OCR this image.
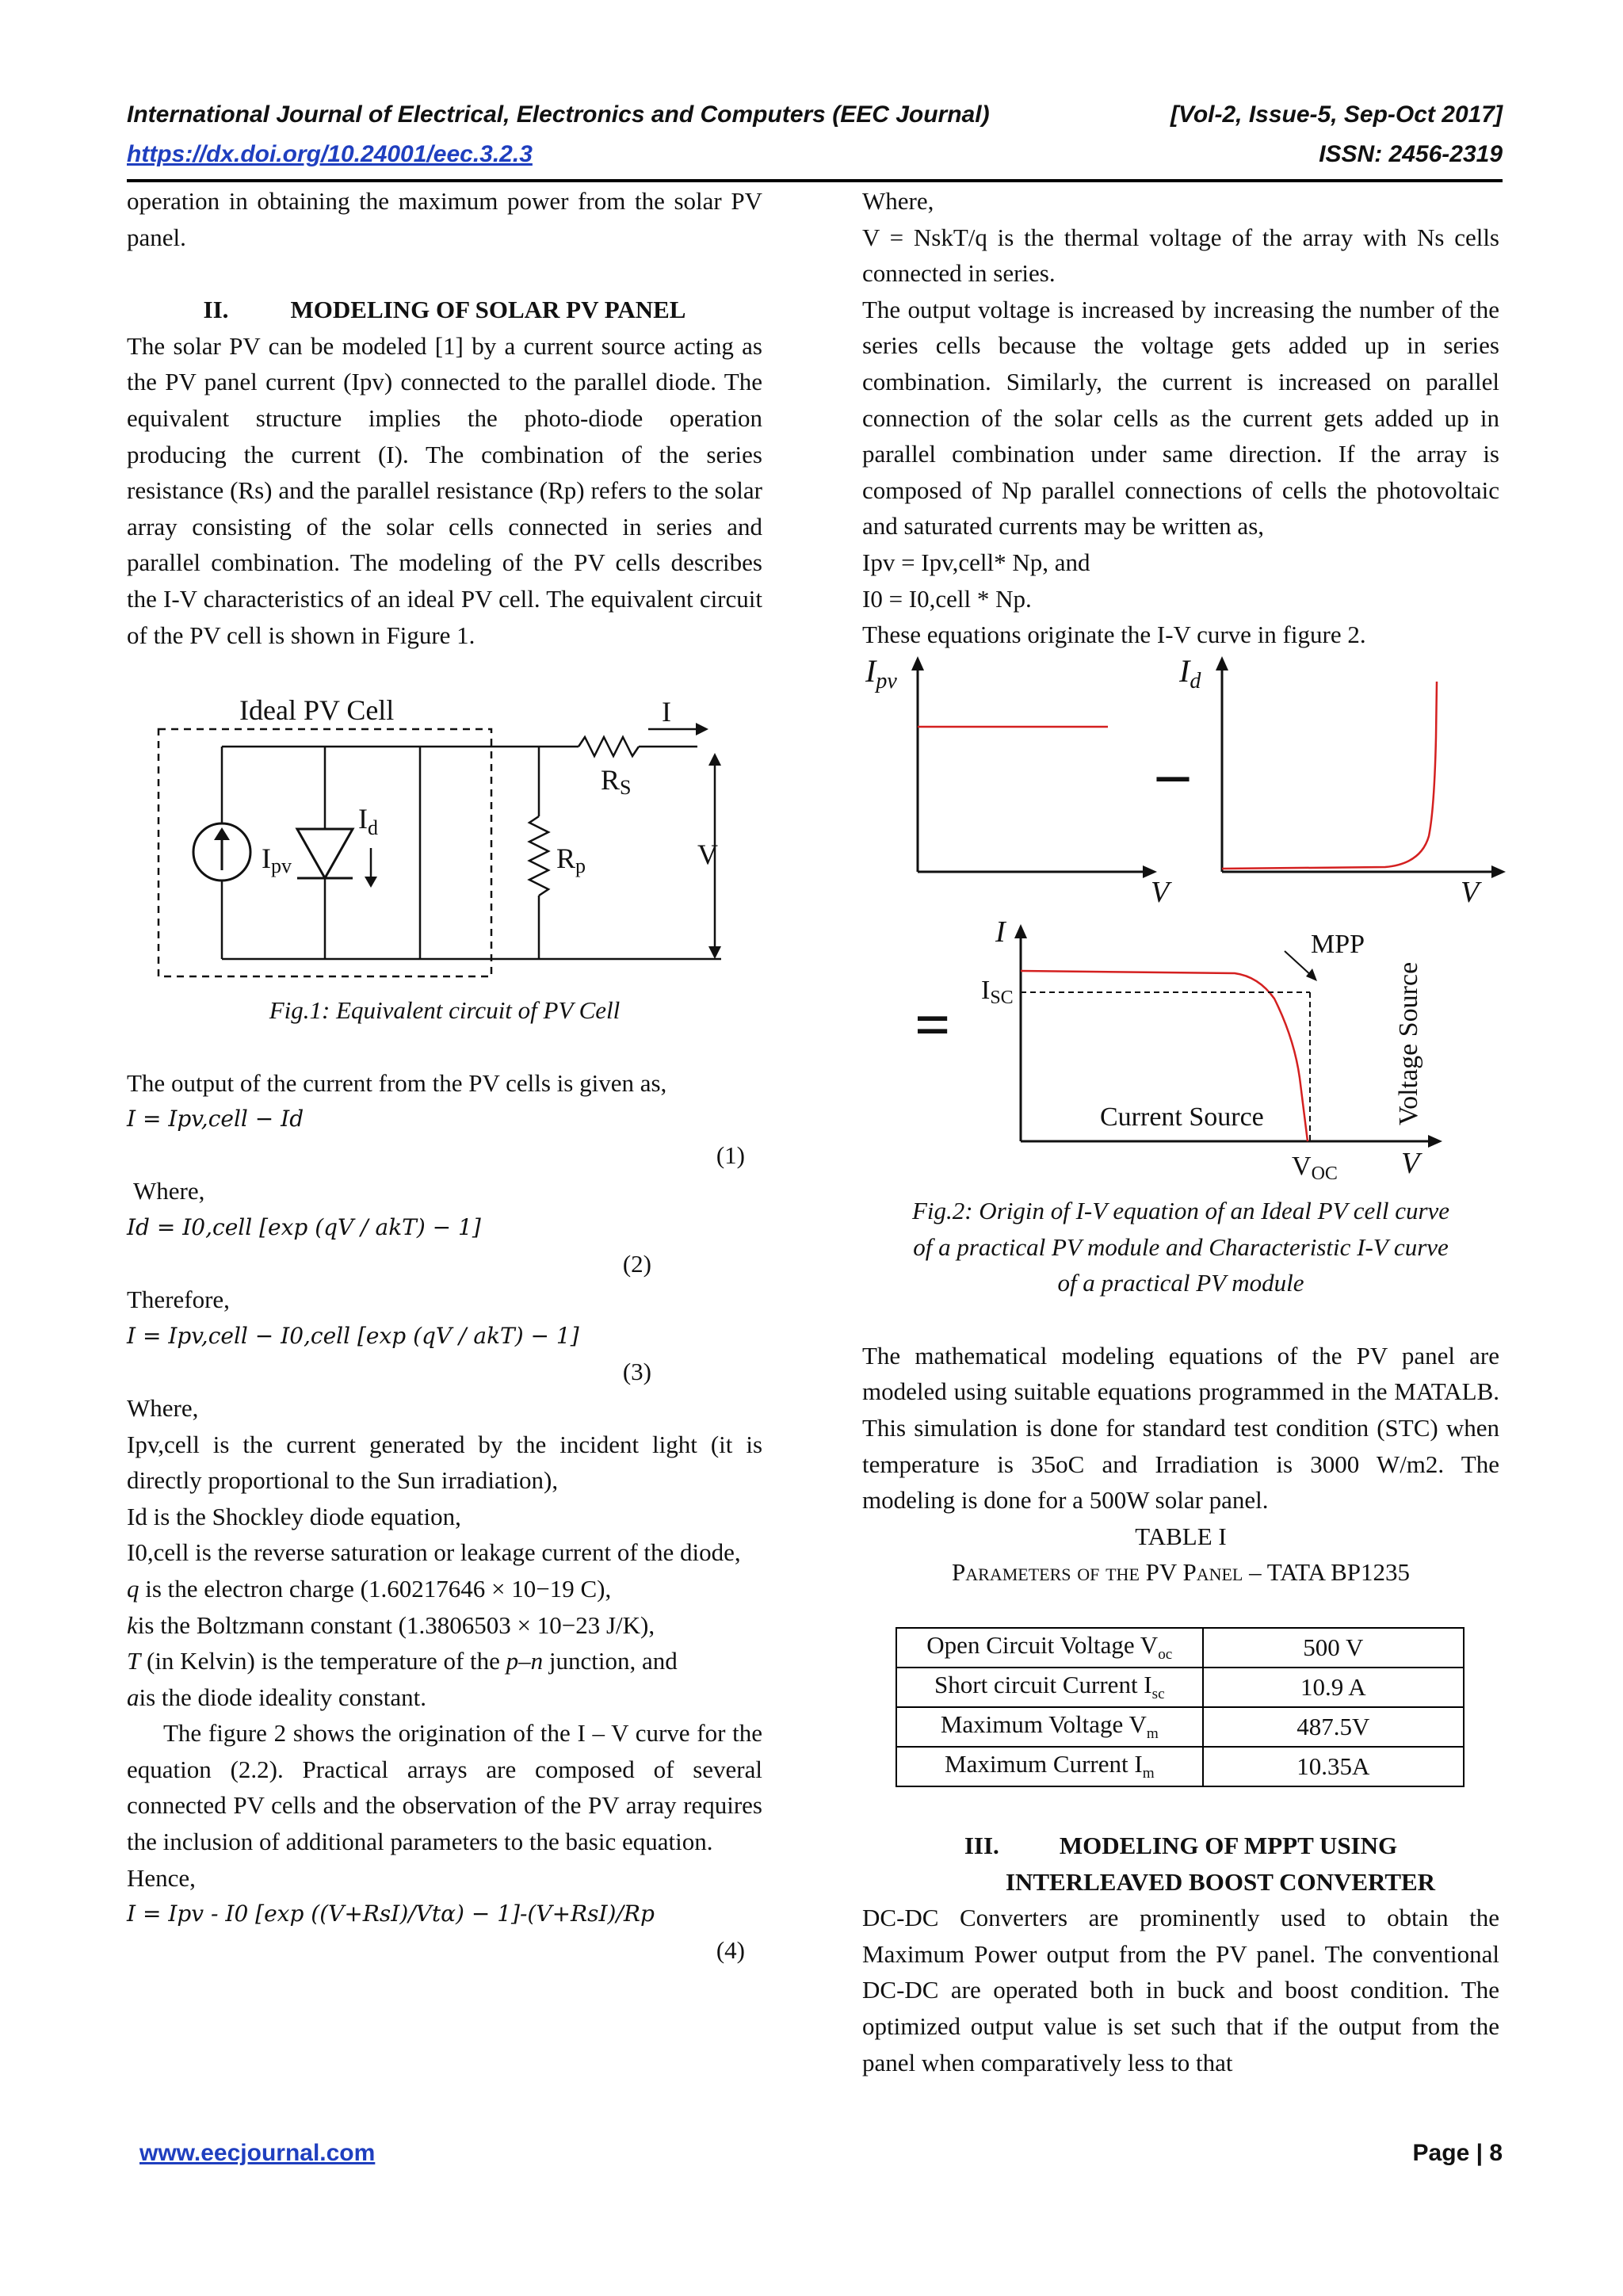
International Journal of Electrical, Electronics and Computers (EEC Journal)	[Vol-2, Issue-5, Sep-Oct 2017]
https://dx.doi.org/10.24001/eec.3.2.3	ISSN: 2456-2319

operation in obtaining the maximum power from the solar PV panel.

II.	MODELING OF SOLAR PV PANEL

The solar PV can be modeled [1] by a current source acting as the PV panel current (Ipv) connected to the parallel diode. The equivalent structure implies the photo-diode operation producing the current (I). The combination of the series resistance (Rs) and the parallel resistance (Rp) refers to the solar array consisting of the solar cells connected in series and parallel combination. The modeling of the PV cells describes the I-V characteristics of an ideal PV cell. The equivalent circuit of the PV cell is shown in Figure 1.

Ideal PV Cell
Ipv
$I_d$
Rp
RS
I
V

Fig.1: Equivalent circuit of PV Cell

The output of the current from the PV cells is given as,

I = Ipv,cell − Id

(1)

Where,

Id = I0,cell [exp (qV / akT) − 1]

(2)

Therefore,

I = Ipv,cell − I0,cell [exp (qV / akT) − 1]

(3)

Where,

Ipv,cell is the current generated by the incident light (it is directly proportional to the Sun irradiation),

Id is the Shockley diode equation,

I0,cell is the reverse saturation or leakage current of the diode,

q is the electron charge (1.60217646 × 10−19 C),

kis the Boltzmann constant (1.3806503 × 10−23 J/K),

T (in Kelvin) is the temperature of the p–n junction, and

ais the diode ideality constant.

The figure 2 shows the origination of the I – V curve for the equation (2.2). Practical arrays are composed of several connected PV cells and the observation of the PV array requires the inclusion of additional parameters to the basic equation.

Hence,

I = Ipv - I0 [exp ((V+RsI)/Vtα) − 1]-(V+RsI)/Rp

(4)

Where,

V = NskT/q is the thermal voltage of the array with Ns cells connected in series.

The output voltage is increased by increasing the number of the series cells because the voltage gets added up in series combination. Similarly, the current is increased on parallel connection of the solar cells as the current gets added up in parallel combination under same direction. If the array is composed of Np parallel connections of cells the photovoltaic and saturated currents may be written as,

Ipv = Ipv,cell* Np, and

I0 = I0,cell * Np.

These equations originate the I-V curve in figure 2.

$I_{pv}$
V
–
$I_d$
V
=
I
ISC
MPP
Current Source	Voltage Source
VOC V

Fig.2: Origin of I-V equation of an Ideal PV cell curve

of a practical PV module and Characteristic I-V curve

of a practical PV module

The mathematical modeling equations of the PV panel are modeled using suitable equations programmed in the MATALB. This simulation is done for standard test condition (STC) when temperature is 35oC and Irradiation is 3000 W/m2. The modeling is done for a 500W solar panel.

TABLE I

Parameters of the PV Panel – TATA BP1235

Open Circuit Voltage $V_{oc}$	500 V
Short circuit Current $I_{sc}$	10.9 A
Maximum Voltage $V_m$	487.5V
Maximum Current $I_m$	10.35A

III. MODELING OF MPPT USING

INTERLEAVED BOOST CONVERTER

DC-DC Converters are prominently used to obtain the Maximum Power output from the PV panel. The conventional DC-DC are operated both in buck and boost condition. The optimized output value is set such that if the output from the panel when comparatively less to that

www.eecjournal.com	Page | 8
